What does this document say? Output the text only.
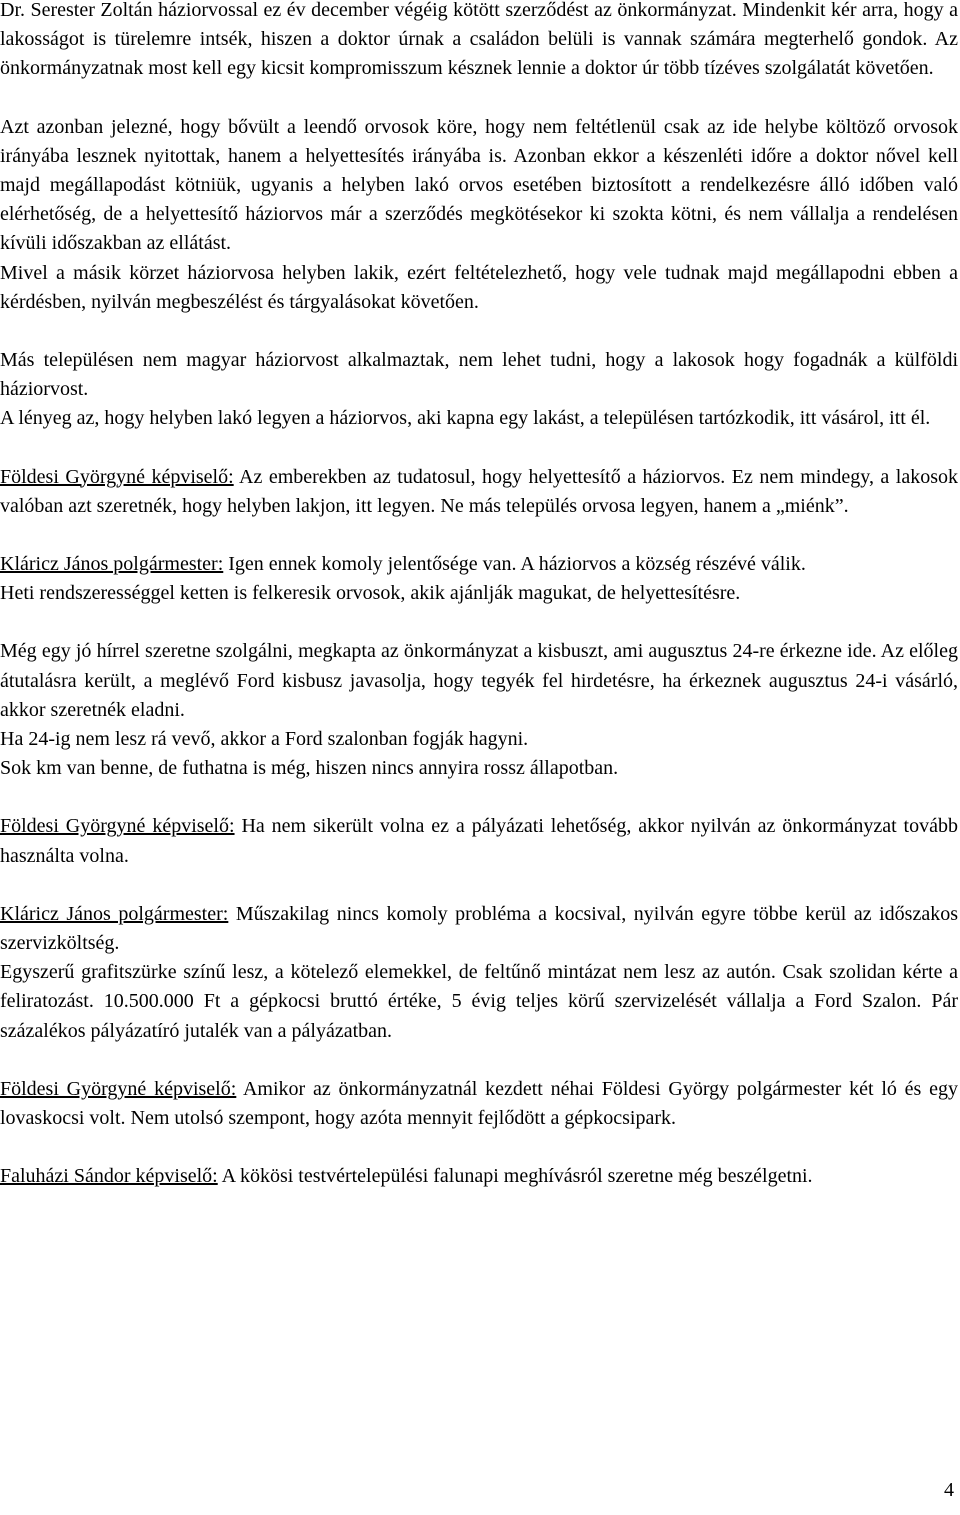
Dr. Serester Zoltán háziorvossal ez év december végéig kötött szerződést az önkormányzat. Mindenkit kér arra, hogy a lakosságot is türelemre intsék, hiszen a doktor úrnak a családon belüli is vannak számára megterhelő gondok. Az önkormányzatnak most kell egy kicsit kompromisszum késznek lennie a doktor úr több tízéves szolgálatát követően.

Azt azonban jelezné, hogy bővült a leendő orvosok köre, hogy nem feltétlenül csak az ide helybe költöző orvosok irányába lesznek nyitottak, hanem a helyettesítés irányába is. Azonban ekkor a készenléti időre a doktor nővel kell majd megállapodást kötniük, ugyanis a helyben lakó orvos esetében biztosított a rendelkezésre álló időben való elérhetőség, de a helyettesítő háziorvos már a szerződés megkötésekor ki szokta kötni, és nem vállalja a rendelésen kívüli időszakban az ellátást.

Mivel a másik körzet háziorvosa helyben lakik, ezért feltételezhető, hogy vele tudnak majd megállapodni ebben a kérdésben, nyilván megbeszélést és tárgyalásokat követően.

Más településen nem magyar háziorvost alkalmaztak, nem lehet tudni, hogy a lakosok hogy fogadnák a külföldi háziorvost.

A lényeg az, hogy helyben lakó legyen a háziorvos, aki kapna egy lakást, a településen tartózkodik, itt vásárol, itt él.

Földesi Györgyné képviselő: Az emberekben az tudatosul, hogy helyettesítő a háziorvos. Ez nem mindegy, a lakosok valóban azt szeretnék, hogy helyben lakjon, itt legyen. Ne más település orvosa legyen, hanem a „miénk”.

Kláricz János polgármester: Igen ennek komoly jelentősége van. A háziorvos a község részévé válik.

Heti rendszerességgel ketten is felkeresik orvosok, akik ajánlják magukat, de helyettesítésre.

Még egy jó hírrel szeretne szolgálni, megkapta az önkormányzat a kisbuszt, ami augusztus 24-re érkezne ide. Az előleg átutalásra került, a meglévő Ford kisbusz javasolja, hogy tegyék fel hirdetésre, ha érkeznek augusztus 24-i vásárló, akkor szeretnék eladni.

Ha 24-ig nem lesz rá vevő, akkor a Ford szalonban fogják hagyni.

Sok km van benne, de futhatna is még, hiszen nincs annyira rossz állapotban.

Földesi Györgyné képviselő: Ha nem sikerült volna ez a pályázati lehetőség, akkor nyilván az önkormányzat tovább használta volna.

Kláricz János polgármester: Műszakilag nincs komoly probléma a kocsival, nyilván egyre többe kerül az időszakos szervizköltség.

Egyszerű grafitszürke színű lesz, a kötelező elemekkel, de feltűnő mintázat nem lesz az autón. Csak szolidan kérte a feliratozást. 10.500.000 Ft a gépkocsi bruttó értéke, 5 évig teljes körű szervizelését vállalja a Ford Szalon. Pár százalékos pályázatíró jutalék van a pályázatban.

Földesi Györgyné képviselő: Amikor az önkormányzatnál kezdett néhai Földesi György polgármester két ló és egy lovaskocsi volt. Nem utolsó szempont, hogy azóta mennyit fejlődött a gépkocsipark.

Faluházi Sándor képviselő: A kökösi testvértelepülési falunapi meghívásról szeretne még beszélgetni.

4
